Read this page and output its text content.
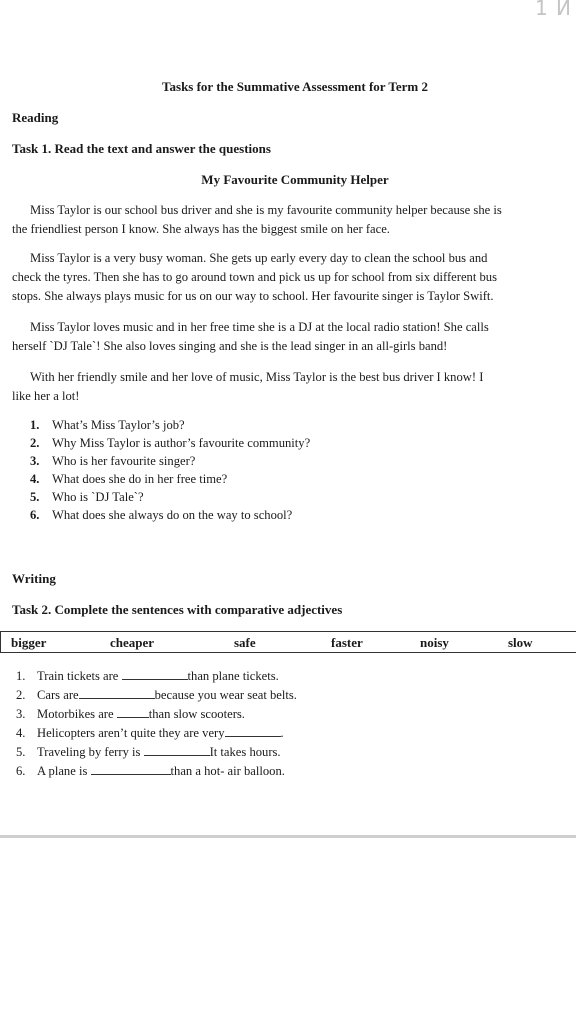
1 И
Tasks for the Summative Assessment for Term 2
Reading
Task 1. Read the text and answer the questions
My Favourite Community Helper
Miss Taylor is our school bus driver and she is my favourite community helper because she is
the friendliest person I know. She always has the biggest smile on her face.
Miss Taylor is a very busy woman. She gets up early every day to clean the school bus and
check the tyres. Then she has to go around town and pick us up for school from six different bus
stops. She always plays music for us on our way to school. Her favourite singer is Taylor Swift.
Miss Taylor loves music and in her free time she is a DJ at the local radio station! She calls
herself `DJ Tale`! She also loves singing and she is the lead singer in an all-girls band!
With her friendly smile and her love of music, Miss Taylor is the best bus driver I know! I
like her a lot!
1. What’s Miss Taylor’s job?
2. Why Miss Taylor is author’s favourite community?
3. Who is her favourite singer?
4. What does she do in her free time?
5. Who is `DJ Tale`?
6. What does she always do on the way to school?
Writing
Task 2. Complete the sentences with comparative adjectives
bigger	cheaper	safe	faster	noisy	slow
1. Train tickets are
	than plane tickets.
2. Cars are	because you wear seat belts.
3. Motorbikes are
	than slow scooters.
4. Helicopters aren’t quite they are very	.
5. Traveling by ferry is
	It takes hours.
6. A plane is
	than a hot- air balloon.
